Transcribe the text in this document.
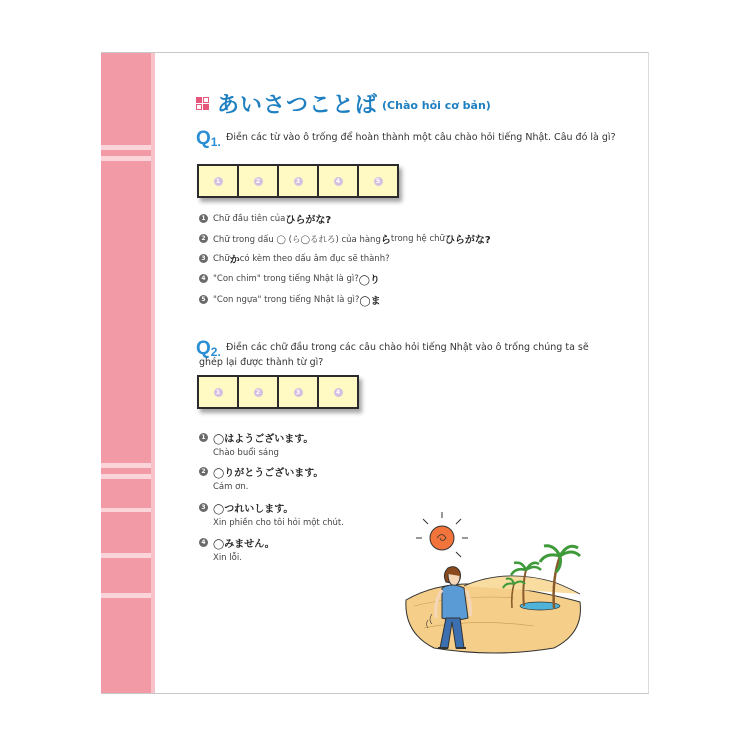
あいさつことば (Chào hỏi cơ bản)
$Q_{1.}$ Điền các từ vào ô trống để hoàn thành một câu chào hỏi tiếng Nhật. Câu đó là gì?
1	2	3	4	5
1 Chữ đầu tiên của ひらがな?
2 Chữ trong dấu ◯ (ら◯るれろ) của hàng ら trong hệ chữ ひらがな?
3 Chữ か có kèm theo dấu âm đục sẽ thành?
4 "Con chim" trong tiếng Nhật là gì? ◯り
5 "Con ngựa" trong tiếng Nhật là gì? ◯ま
$Q_{2.}$ Điền các chữ đầu trong các câu chào hỏi tiếng Nhật vào ô trống chúng ta sẽ
ghép lại được thành từ gì?
1	2	3	4
1 ◯はようございます。
Chào buổi sáng
2 ◯りがとうございます。
Cám ơn.
3 ◯つれいします。
Xin phiền cho tôi hỏi một chút.
4 ◯みません。
Xin lỗi.
